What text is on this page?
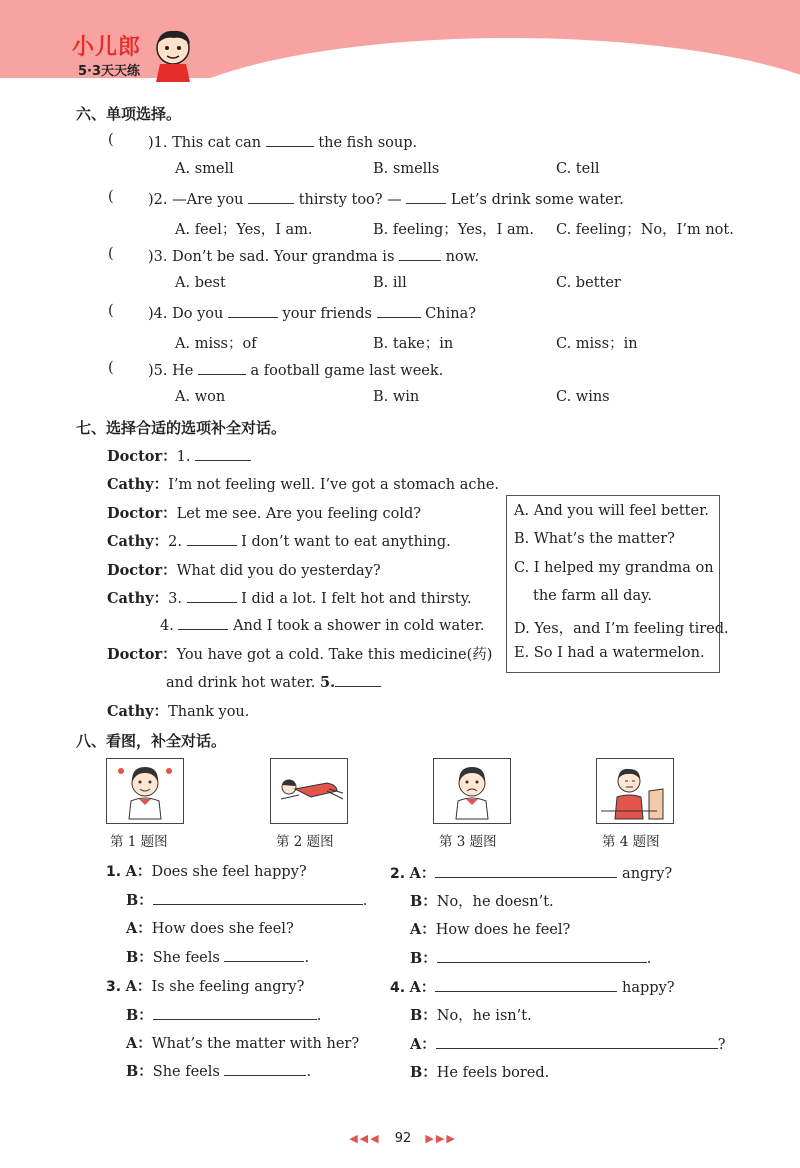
小儿郎
5·3天天练
六、单项选择。
( )1. This cat can	the fish soup.
A. smell	B. smells	C. tell
( )2. —Are you	thirsty too? —	Let’s drink some water.
A. feel；Yes，I am.	B. feeling；Yes，I am. C. feeling；No，I’m not.
( )3. Don’t be sad. Your grandma is	now.
A. best	B. ill	C. better
( )4. Do you	your friends	China?
A. miss；of	B. take；in	C. miss；in
( )5. He	a football game last week.
A. won	B. win	C. wins
七、选择合适的选项补全对话。
Doctor：1.
Cathy：I’m not feeling well. I’ve got a stomach ache.
Doctor：Let me see. Are you feeling cold?
Cathy：2.	I don’t want to eat anything.
Doctor：What did you do yesterday?
Cathy：3.	I did a lot. I felt hot and thirsty.
4.	And I took a shower in cold water.
Doctor：You have got a cold. Take this medicine(药)
and drink hot water. 5.
Cathy：Thank you.
A. And you will feel better.
B. What’s the matter?
C. I helped my grandma on
the farm all day.
D. Yes，and I’m feeling tired.
E. So I had a watermelon.
八、看图，补全对话。
第 1 题图	第 2 题图	第 3 题图	第 4 题图
1. A：Does she feel happy?
B：	.
A：How does she feel?
B：She feels	.
2. A：	angry?
B：No，he doesn’t.
A：How does he feel?
B：	.
3. A：Is she feeling angry?
B：	.
A：What’s the matter with her?
B：She feels	.
4. A：	happy?
B：No，he isn’t.
A：	?
B：He feels bored.
◀◀◀ 92 ▶▶▶
